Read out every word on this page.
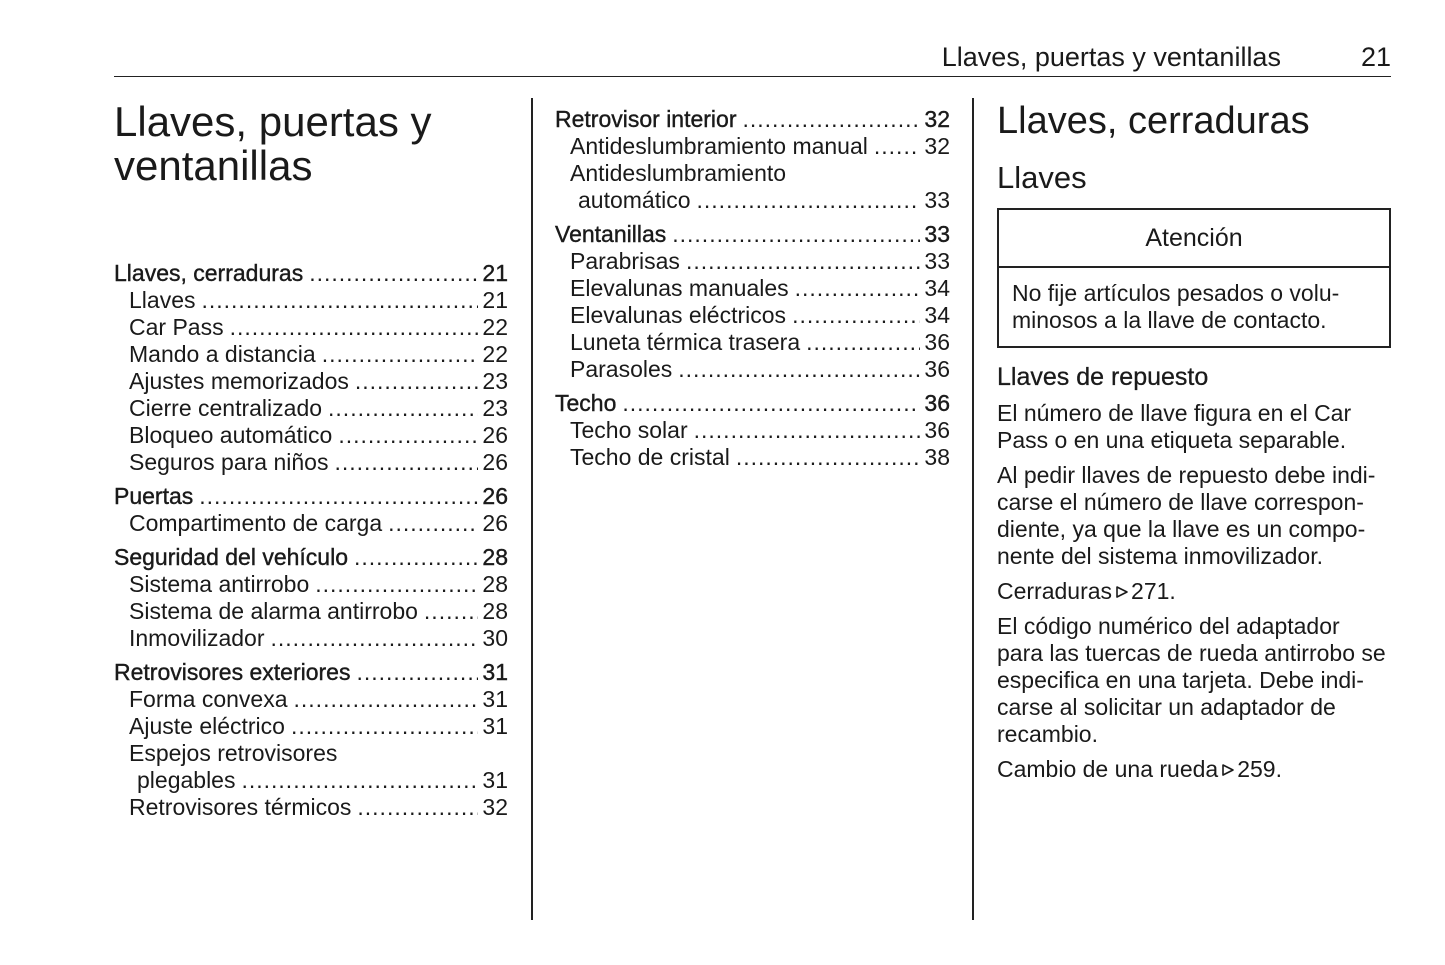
Llaves, puertas y ventanillas	21
Llaves, puertas y
ventanillas
Llaves, cerraduras .....	21
Llaves .....	21
Car Pass .....	22
Mando a distancia .....	22
Ajustes memorizados .....	23
Cierre centralizado .....	23
Bloqueo automático .....	26
Seguros para niños .....	26
Puertas .....	26
Compartimento de carga .....	26
Seguridad del vehículo .....	28
Sistema antirrobo .....	28
Sistema de alarma antirrobo .....	28
Inmovilizador .....	30
Retrovisores exteriores .....	31
Forma convexa .....	31
Ajuste eléctrico .....	31
Espejos retrovisores
plegables .....	31
Retrovisores térmicos .....	32
Retrovisor interior .....	32
Antideslumbramiento manual ..... 32
Antideslumbramiento
automático .....	33
Ventanillas .....	33
Parabrisas .....	33
Elevalunas manuales .....	34
Elevalunas eléctricos .....	34
Luneta térmica trasera .....	36
Parasoles .....	36
Techo .....	36
Techo solar .....	36
Techo de cristal .....	38
Llaves, cerraduras
Llaves
Atención
No fije artículos pesados o volu-
minosos a la llave de contacto.
Llaves de repuesto

El número de llave figura en el Car
Pass o en una etiqueta separable.

Al pedir llaves de repuesto debe indi-
carse el número de llave correspon-
diente, ya que la llave es un compo-
nente del sistema inmovilizador.

Cerraduras 271.

El código numérico del adaptador
para las tuercas de rueda antirrobo se
especifica en una tarjeta. Debe indi-
carse al solicitar un adaptador de
recambio.

Cambio de una rueda 259.
